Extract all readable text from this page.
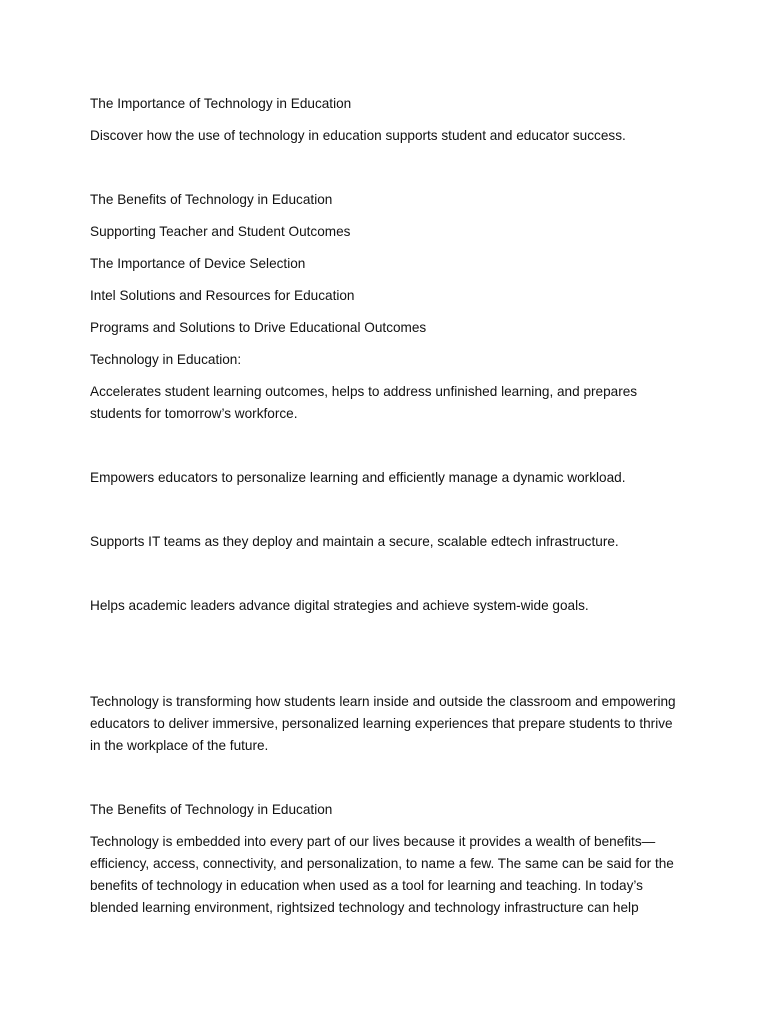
The Importance of Technology in Education

Discover how the use of technology in education supports student and educator success.

The Benefits of Technology in Education

Supporting Teacher and Student Outcomes

The Importance of Device Selection

Intel Solutions and Resources for Education

Programs and Solutions to Drive Educational Outcomes

Technology in Education:

Accelerates student learning outcomes, helps to address unfinished learning, and prepares students for tomorrow’s workforce.

Empowers educators to personalize learning and efficiently manage a dynamic workload.

Supports IT teams as they deploy and maintain a secure, scalable edtech infrastructure.

Helps academic leaders advance digital strategies and achieve system-wide goals.

Technology is transforming how students learn inside and outside the classroom and empowering educators to deliver immersive, personalized learning experiences that prepare students to thrive in the workplace of the future.

The Benefits of Technology in Education

Technology is embedded into every part of our lives because it provides a wealth of benefits—efficiency, access, connectivity, and personalization, to name a few. The same can be said for the benefits of technology in education when used as a tool for learning and teaching. In today’s blended learning environment, rightsized technology and technology infrastructure can help
